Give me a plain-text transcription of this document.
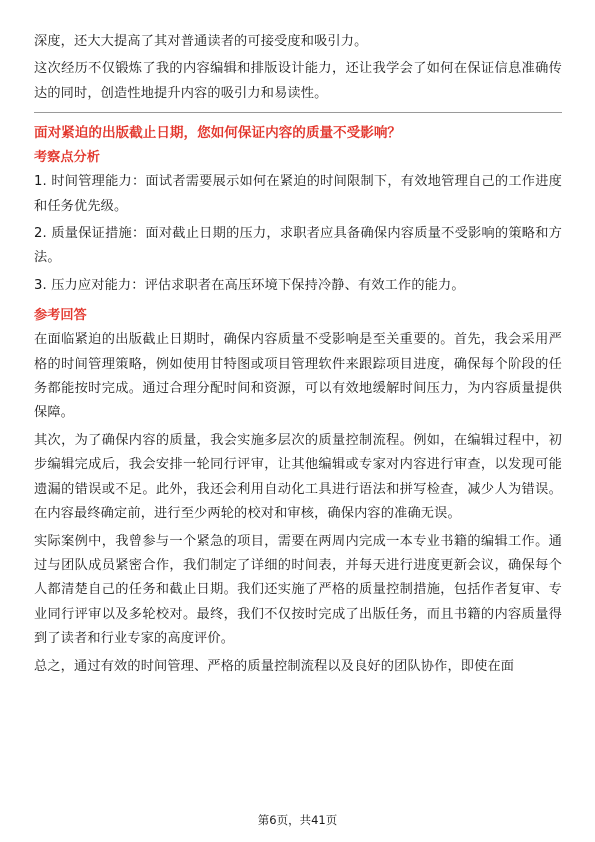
深度，还大大提高了其对普通读者的可接受度和吸引力。

这次经历不仅锻炼了我的内容编辑和排版设计能力，还让我学会了如何在保证信息准确传达的同时，创造性地提升内容的吸引力和易读性。

面对紧迫的出版截止日期，您如何保证内容的质量不受影响？
考察点分析

1. 时间管理能力：面试者需要展示如何在紧迫的时间限制下，有效地管理自己的工作进度和任务优先级。

2. 质量保证措施：面对截止日期的压力，求职者应具备确保内容质量不受影响的策略和方法。

3. 压力应对能力：评估求职者在高压环境下保持冷静、有效工作的能力。

参考回答

在面临紧迫的出版截止日期时，确保内容质量不受影响是至关重要的。首先，我会采用严格的时间管理策略，例如使用甘特图或项目管理软件来跟踪项目进度，确保每个阶段的任务都能按时完成。通过合理分配时间和资源，可以有效地缓解时间压力，为内容质量提供保障。

其次，为了确保内容的质量，我会实施多层次的质量控制流程。例如，在编辑过程中，初步编辑完成后，我会安排一轮同行评审，让其他编辑或专家对内容进行审查，以发现可能遗漏的错误或不足。此外，我还会利用自动化工具进行语法和拼写检查，减少人为错误。在内容最终确定前，进行至少两轮的校对和审核，确保内容的准确无误。

实际案例中，我曾参与一个紧急的项目，需要在两周内完成一本专业书籍的编辑工作。通过与团队成员紧密合作，我们制定了详细的时间表，并每天进行进度更新会议，确保每个人都清楚自己的任务和截止日期。我们还实施了严格的质量控制措施，包括作者复审、专业同行评审以及多轮校对。最终，我们不仅按时完成了出版任务，而且书籍的内容质量得到了读者和行业专家的高度评价。

总之，通过有效的时间管理、严格的质量控制流程以及良好的团队协作，即使在面

第6页，共41页
